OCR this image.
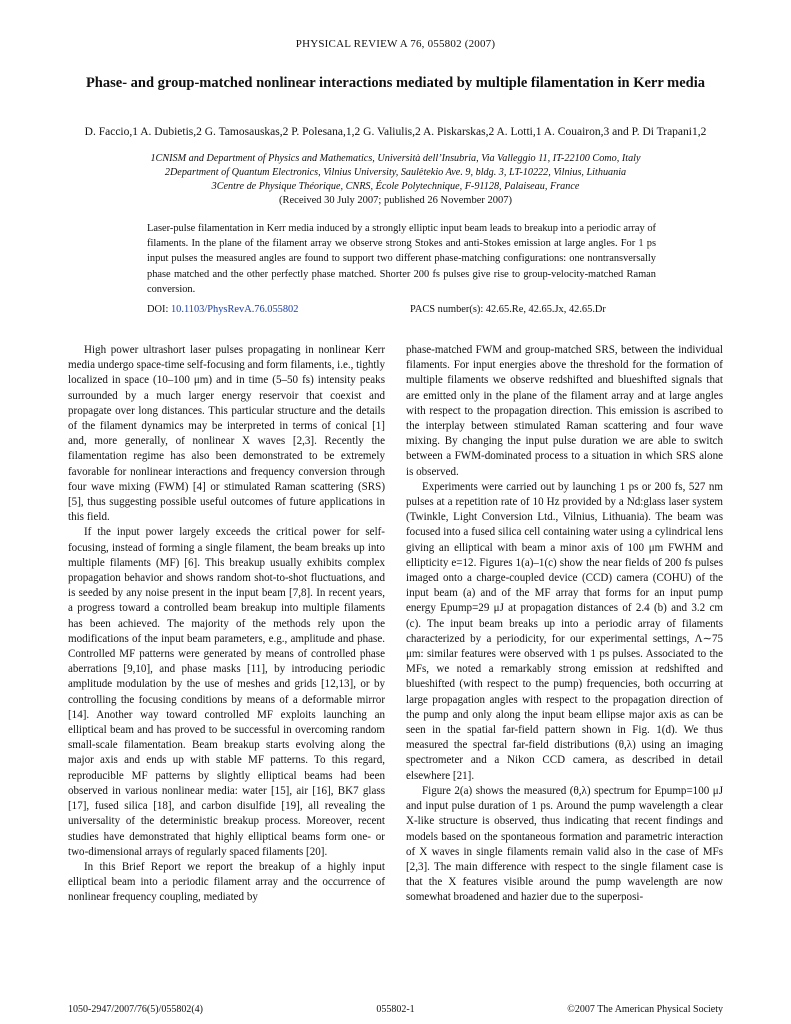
PHYSICAL REVIEW A 76, 055802 (2007)
Phase- and group-matched nonlinear interactions mediated by multiple filamentation in Kerr media
D. Faccio,1 A. Dubietis,2 G. Tamosauskas,2 P. Polesana,1,2 G. Valiulis,2 A. Piskarskas,2 A. Lotti,1 A. Couairon,3 and P. Di Trapani1,2
1CNISM and Department of Physics and Mathematics, Università dell’Insubria, Via Valleggio 11, IT-22100 Como, Italy
2Department of Quantum Electronics, Vilnius University, Saulėtekio Ave. 9, bldg. 3, LT-10222, Vilnius, Lithuania
3Centre de Physique Théorique, CNRS, École Polytechnique, F-91128, Palaiseau, France
(Received 30 July 2007; published 26 November 2007)
Laser-pulse filamentation in Kerr media induced by a strongly elliptic input beam leads to breakup into a periodic array of filaments. In the plane of the filament array we observe strong Stokes and anti-Stokes emission at large angles. For 1 ps input pulses the measured angles are found to support two different phase-matching configurations: one nontransversally phase matched and the other perfectly phase matched. Shorter 200 fs pulses give rise to group-velocity-matched Raman conversion.
DOI: 10.1103/PhysRevA.76.055802	PACS number(s): 42.65.Re, 42.65.Jx, 42.65.Dr

High power ultrashort laser pulses propagating in nonlinear Kerr media undergo space-time self-focusing and form filaments, i.e., tightly localized in space (10–100 μm) and in time (5–50 fs) intensity peaks surrounded by a much larger energy reservoir that coexist and propagate over long distances. This particular structure and the details of the filament dynamics may be interpreted in terms of conical [1] and, more generally, of nonlinear X waves [2,3]. Recently the filamentation regime has also been demonstrated to be extremely favorable for nonlinear interactions and frequency conversion through four wave mixing (FWM) [4] or stimulated Raman scattering (SRS) [5], thus suggesting possible useful outcomes of future applications in this field.

If the input power largely exceeds the critical power for self-focusing, instead of forming a single filament, the beam breaks up into multiple filaments (MF) [6]. This breakup usually exhibits complex propagation behavior and shows random shot-to-shot fluctuations, and is seeded by any noise present in the input beam [7,8]. In recent years, a progress toward a controlled beam breakup into multiple filaments has been achieved. The majority of the methods rely upon the modifications of the input beam parameters, e.g., amplitude and phase. Controlled MF patterns were generated by means of controlled phase aberrations [9,10], and phase masks [11], by introducing periodic amplitude modulation by the use of meshes and grids [12,13], or by controlling the focusing conditions by means of a deformable mirror [14]. Another way toward controlled MF exploits launching an elliptical beam and has proved to be successful in overcoming random small-scale filamentation. Beam breakup starts evolving along the major axis and ends up with stable MF patterns. To this regard, reproducible MF patterns by slightly elliptical beams had been observed in various nonlinear media: water [15], air [16], BK7 glass [17], fused silica [18], and carbon disulfide [19], all revealing the universality of the deterministic breakup process. Moreover, recent studies have demonstrated that highly elliptical beams form one- or two-dimensional arrays of regularly spaced filaments [20].

In this Brief Report we report the breakup of a highly input elliptical beam into a periodic filament array and the occurrence of nonlinear frequency coupling, mediated by

phase-matched FWM and group-matched SRS, between the individual filaments. For input energies above the threshold for the formation of multiple filaments we observe redshifted and blueshifted signals that are emitted only in the plane of the filament array and at large angles with respect to the propagation direction. This emission is ascribed to the interplay between stimulated Raman scattering and four wave mixing. By changing the input pulse duration we are able to switch between a FWM-dominated process to a situation in which SRS alone is observed.

Experiments were carried out by launching 1 ps or 200 fs, 527 nm pulses at a repetition rate of 10 Hz provided by a Nd:glass laser system (Twinkle, Light Conversion Ltd., Vilnius, Lithuania). The beam was focused into a fused silica cell containing water using a cylindrical lens giving an elliptical with beam a minor axis of 100 μm FWHM and ellipticity e=12. Figures 1(a)–1(c) show the near fields of 200 fs pulses imaged onto a charge-coupled device (CCD) camera (COHU) of the input beam (a) and of the MF array that forms for an input pump energy Epump=29 μJ at propagation distances of 2.4 (b) and 3.2 cm (c). The input beam breaks up into a periodic array of filaments characterized by a periodicity, for our experimental settings, Λ∼75 μm: similar features were observed with 1 ps pulses. Associated to the MFs, we noted a remarkably strong emission at redshifted and blueshifted (with respect to the pump) frequencies, both occurring at large propagation angles with respect to the propagation direction of the pump and only along the input beam ellipse major axis as can be seen in the spatial far-field pattern shown in Fig. 1(d). We thus measured the spectral far-field distributions (θ,λ) using an imaging spectrometer and a Nikon CCD camera, as described in detail elsewhere [21].

Figure 2(a) shows the measured (θ,λ) spectrum for Epump=100 μJ and input pulse duration of 1 ps. Around the pump wavelength a clear X-like structure is observed, thus indicating that recent findings and models based on the spontaneous formation and parametric interaction of X waves in single filaments remain valid also in the case of MFs [2,3]. The main difference with respect to the single filament case is that the X features visible around the pump wavelength are now somewhat broadened and hazier due to the superposi-

1050-2947/2007/76(5)/055802(4)	055802-1	©2007 The American Physical Society
